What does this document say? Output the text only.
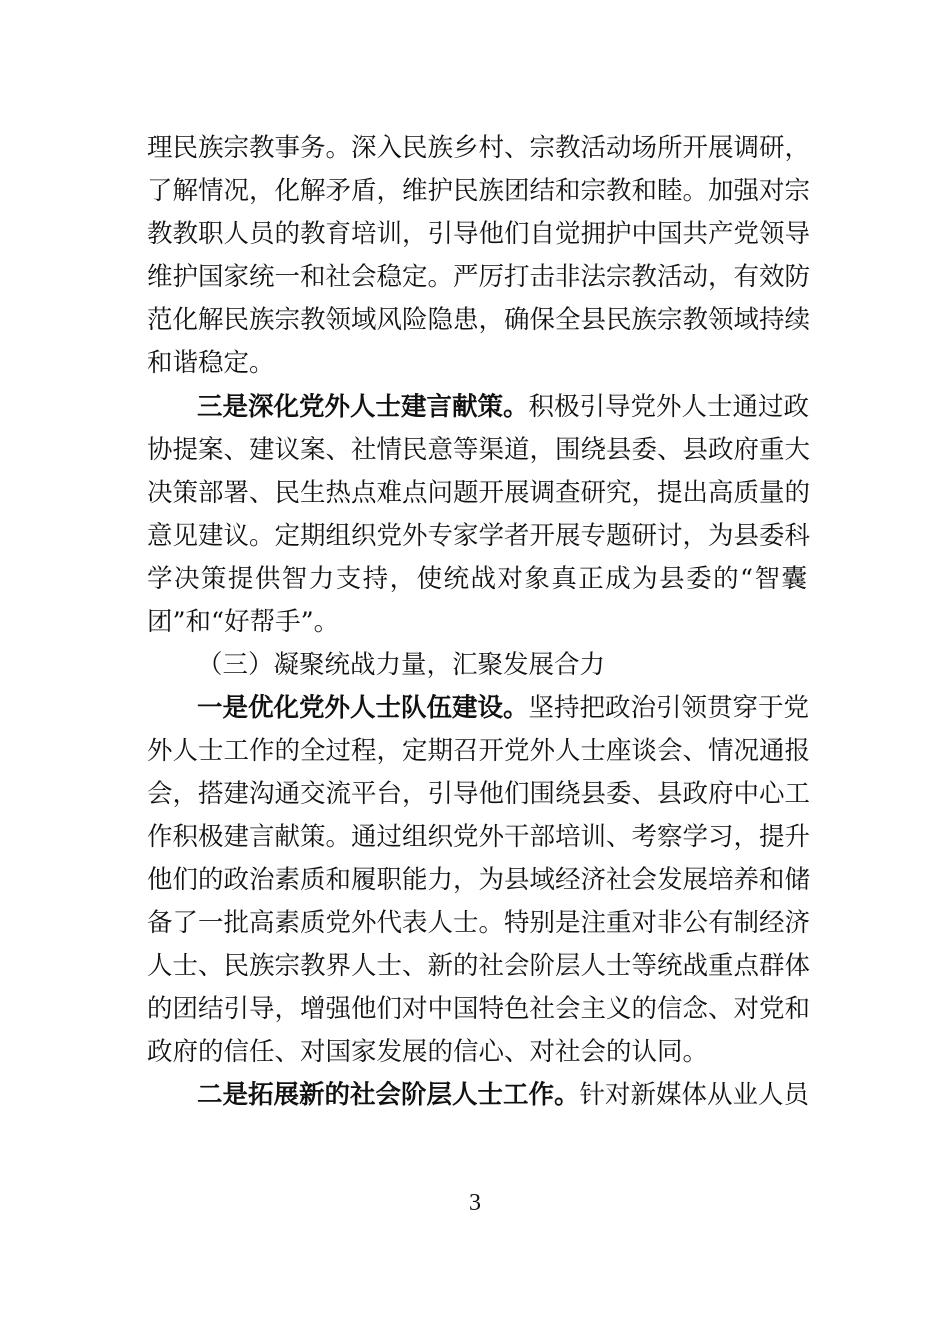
理民族宗教事务。深入民族乡村、宗教活动场所开展调研，
了解情况，化解矛盾，维护民族团结和宗教和睦。加强对宗
教教职人员的教育培训，引导他们自觉拥护中国共产党领导
维护国家统一和社会稳定。严厉打击非法宗教活动，有效防
范化解民族宗教领域风险隐患，确保全县民族宗教领域持续
和谐稳定。
三是深化党外人士建言献策。积极引导党外人士通过政
协提案、建议案、社情民意等渠道，围绕县委、县政府重大
决策部署、民生热点难点问题开展调查研究，提出高质量的
意见建议。定期组织党外专家学者开展专题研讨，为县委科
学决策提供智力支持，使统战对象真正成为县委的“智囊
团”和“好帮手”。
（三）凝聚统战力量，汇聚发展合力
一是优化党外人士队伍建设。坚持把政治引领贯穿于党
外人士工作的全过程，定期召开党外人士座谈会、情况通报
会，搭建沟通交流平台，引导他们围绕县委、县政府中心工
作积极建言献策。通过组织党外干部培训、考察学习，提升
他们的政治素质和履职能力，为县域经济社会发展培养和储
备了一批高素质党外代表人士。特别是注重对非公有制经济
人士、民族宗教界人士、新的社会阶层人士等统战重点群体
的团结引导，增强他们对中国特色社会主义的信念、对党和
政府的信任、对国家发展的信心、对社会的认同。
二是拓展新的社会阶层人士工作。针对新媒体从业人员
3
